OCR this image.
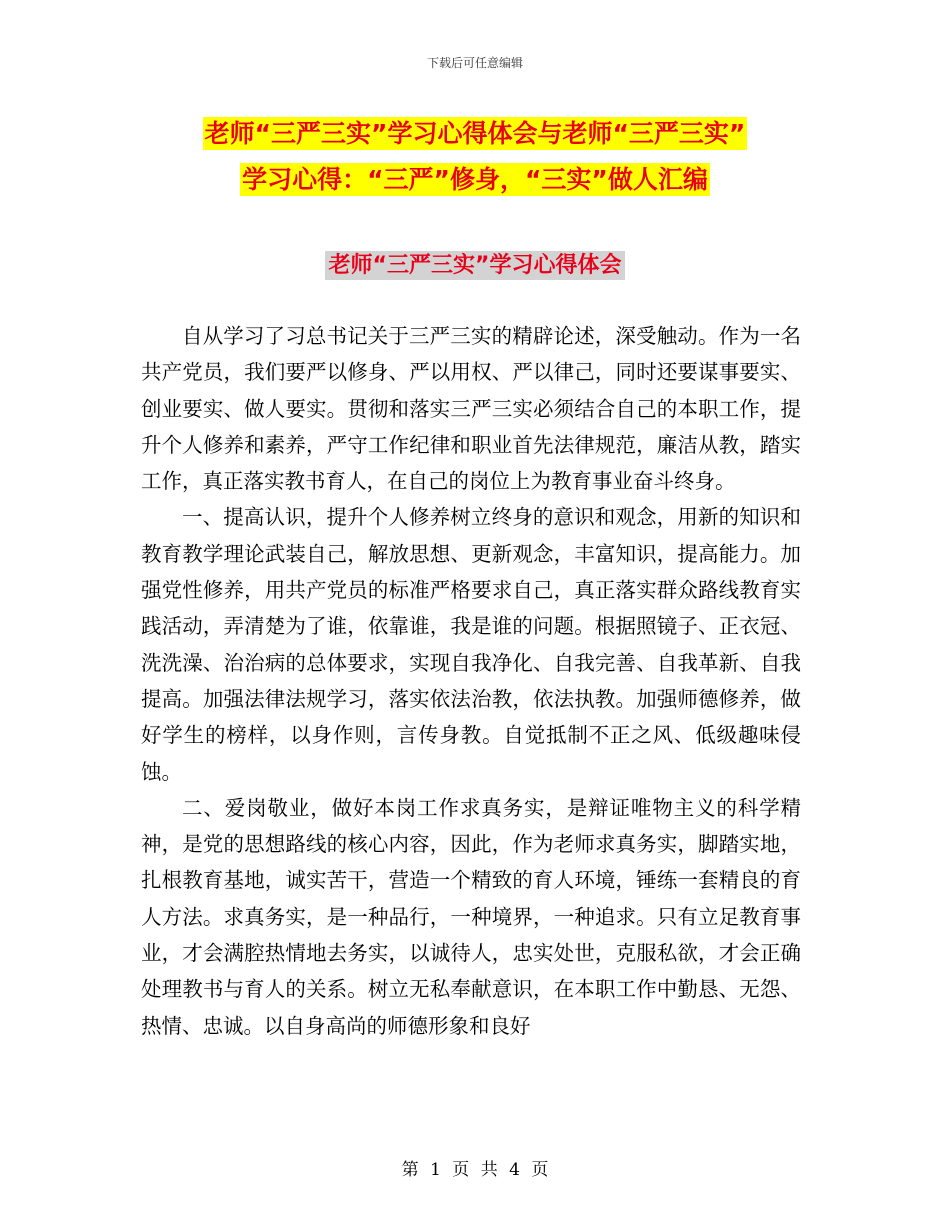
下载后可任意编辑
老师“三严三实”学习心得体会与老师“三严三实”
学习心得：“三严”修身，“三实”做人汇编
老师“三严三实”学习心得体会

自从学习了习总书记关于三严三实的精辟论述，深受触动。作为一名共产党员，我们要严以修身、严以用权、严以律己，同时还要谋事要实、创业要实、做人要实。贯彻和落实三严三实必须结合自己的本职工作，提升个人修养和素养，严守工作纪律和职业首先法律规范，廉洁从教，踏实工作，真正落实教书育人，在自己的岗位上为教育事业奋斗终身。

一、提高认识，提升个人修养树立终身的意识和观念，用新的知识和教育教学理论武装自己，解放思想、更新观念，丰富知识，提高能力。加强党性修养，用共产党员的标准严格要求自己，真正落实群众路线教育实践活动，弄清楚为了谁，依靠谁，我是谁的问题。根据照镜子、正衣冠、洗洗澡、治治病的总体要求，实现自我净化、自我完善、自我革新、自我提高。加强法律法规学习，落实依法治教，依法执教。加强师德修养，做好学生的榜样，以身作则，言传身教。自觉抵制不正之风、低级趣味侵蚀。

二、爱岗敬业，做好本岗工作求真务实，是辩证唯物主义的科学精神，是党的思想路线的核心内容，因此，作为老师求真务实，脚踏实地，扎根教育基地，诚实苦干，营造一个精致的育人环境，锤练一套精良的育人方法。求真务实，是一种品行，一种境界，一种追求。只有立足教育事业，才会满腔热情地去务实，以诚待人，忠实处世，克服私欲，才会正确处理教书与育人的关系。树立无私奉献意识，在本职工作中勤恳、无怨、热情、忠诚。以自身高尚的师德形象和良好

第 1 页 共 4 页
